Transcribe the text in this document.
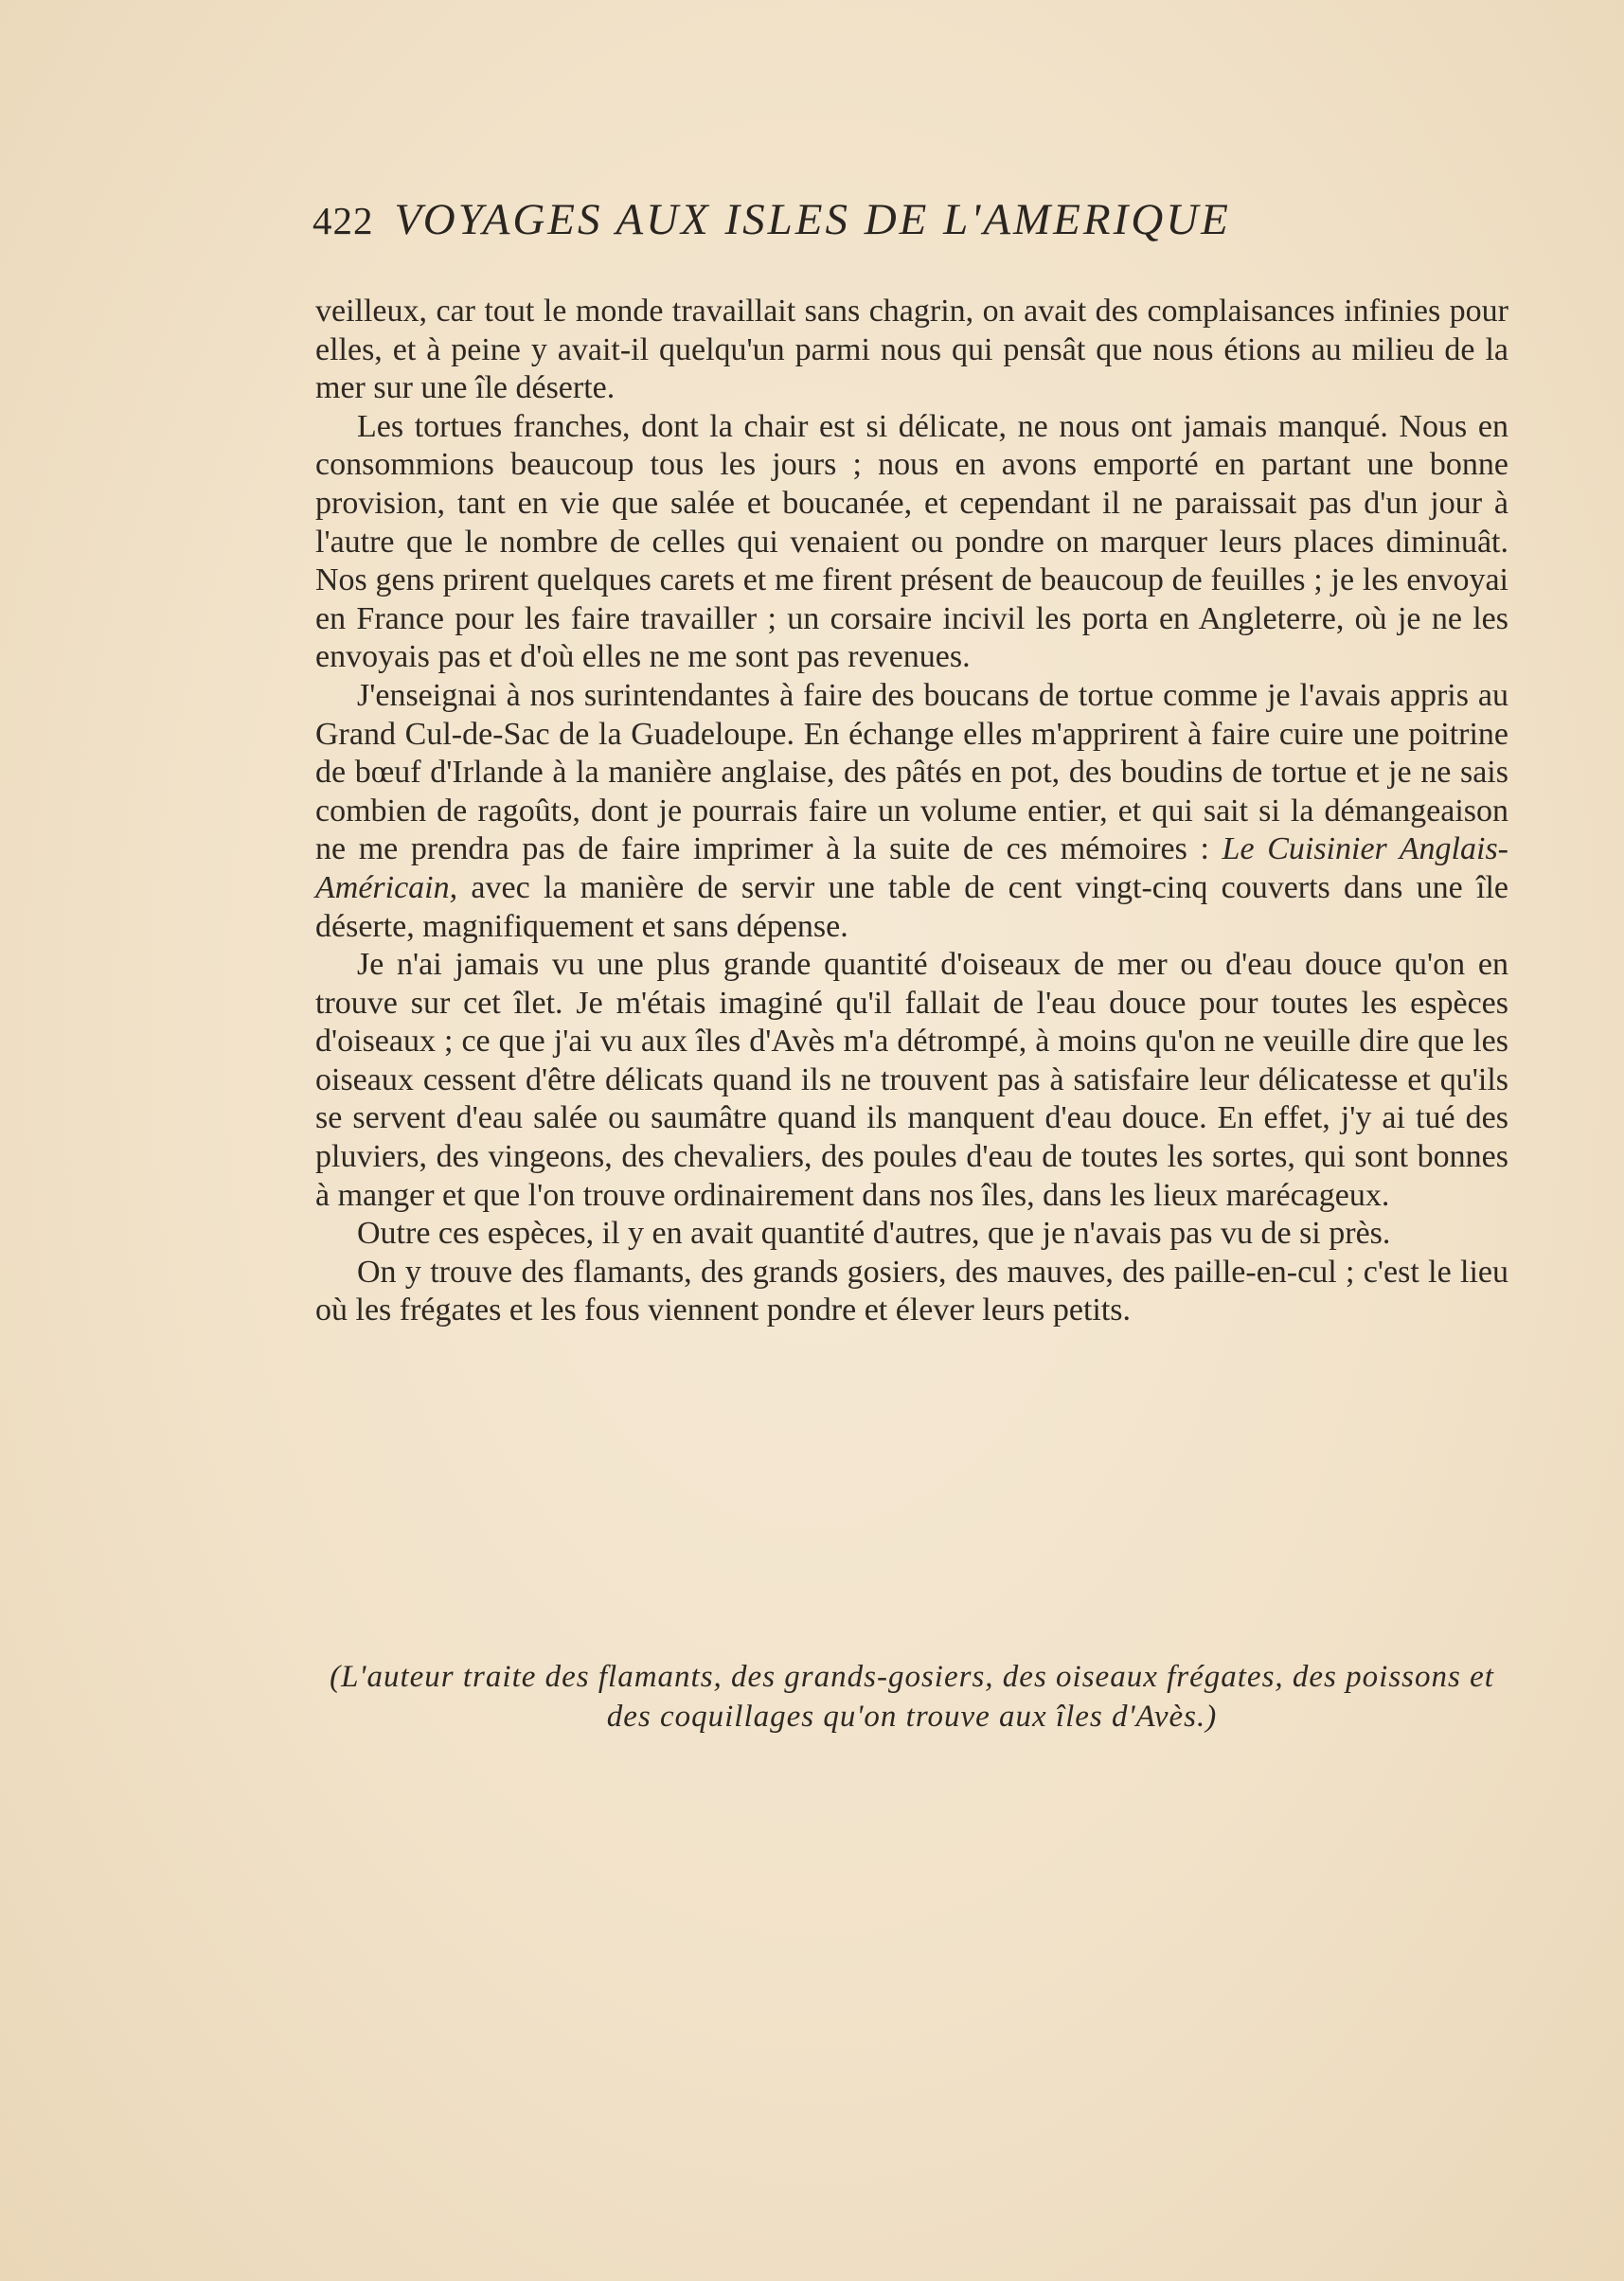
422 VOYAGES AUX ISLES DE L'AMERIQUE

veilleux, car tout le monde travaillait sans chagrin, on avait des complaisances infinies pour elles, et à peine y avait-il quelqu'un parmi nous qui pensât que nous étions au milieu de la mer sur une île déserte.

Les tortues franches, dont la chair est si délicate, ne nous ont jamais manqué. Nous en consommions beaucoup tous les jours ; nous en avons emporté en partant une bonne provision, tant en vie que salée et boucanée, et cependant il ne paraissait pas d'un jour à l'autre que le nombre de celles qui venaient ou pondre on marquer leurs places diminuât. Nos gens prirent quelques carets et me firent présent de beaucoup de feuilles ; je les envoyai en France pour les faire travailler ; un corsaire incivil les porta en Angleterre, où je ne les envoyais pas et d'où elles ne me sont pas revenues.

J'enseignai à nos surintendantes à faire des boucans de tortue comme je l'avais appris au Grand Cul-de-Sac de la Guadeloupe. En échange elles m'apprirent à faire cuire une poitrine de bœuf d'Irlande à la manière anglaise, des pâtés en pot, des boudins de tortue et je ne sais combien de ragoûts, dont je pourrais faire un volume entier, et qui sait si la démangeaison ne me prendra pas de faire imprimer à la suite de ces mémoires : Le Cuisinier Anglais-Américain, avec la manière de servir une table de cent vingt-cinq couverts dans une île déserte, magnifiquement et sans dépense.

Je n'ai jamais vu une plus grande quantité d'oiseaux de mer ou d'eau douce qu'on en trouve sur cet îlet. Je m'étais imaginé qu'il fallait de l'eau douce pour toutes les espèces d'oiseaux ; ce que j'ai vu aux îles d'Avès m'a détrompé, à moins qu'on ne veuille dire que les oiseaux cessent d'être délicats quand ils ne trouvent pas à satisfaire leur délicatesse et qu'ils se servent d'eau salée ou saumâtre quand ils manquent d'eau douce. En effet, j'y ai tué des pluviers, des vingeons, des chevaliers, des poules d'eau de toutes les sortes, qui sont bonnes à manger et que l'on trouve ordinairement dans nos îles, dans les lieux marécageux.

Outre ces espèces, il y en avait quantité d'autres, que je n'avais pas vu de si près.

On y trouve des flamants, des grands gosiers, des mauves, des paille-en-cul ; c'est le lieu où les frégates et les fous viennent pondre et élever leurs petits.

(L'auteur traite des flamants, des grands-gosiers, des oiseaux frégates, des poissons et des coquillages qu'on trouve aux îles d'Avès.)
